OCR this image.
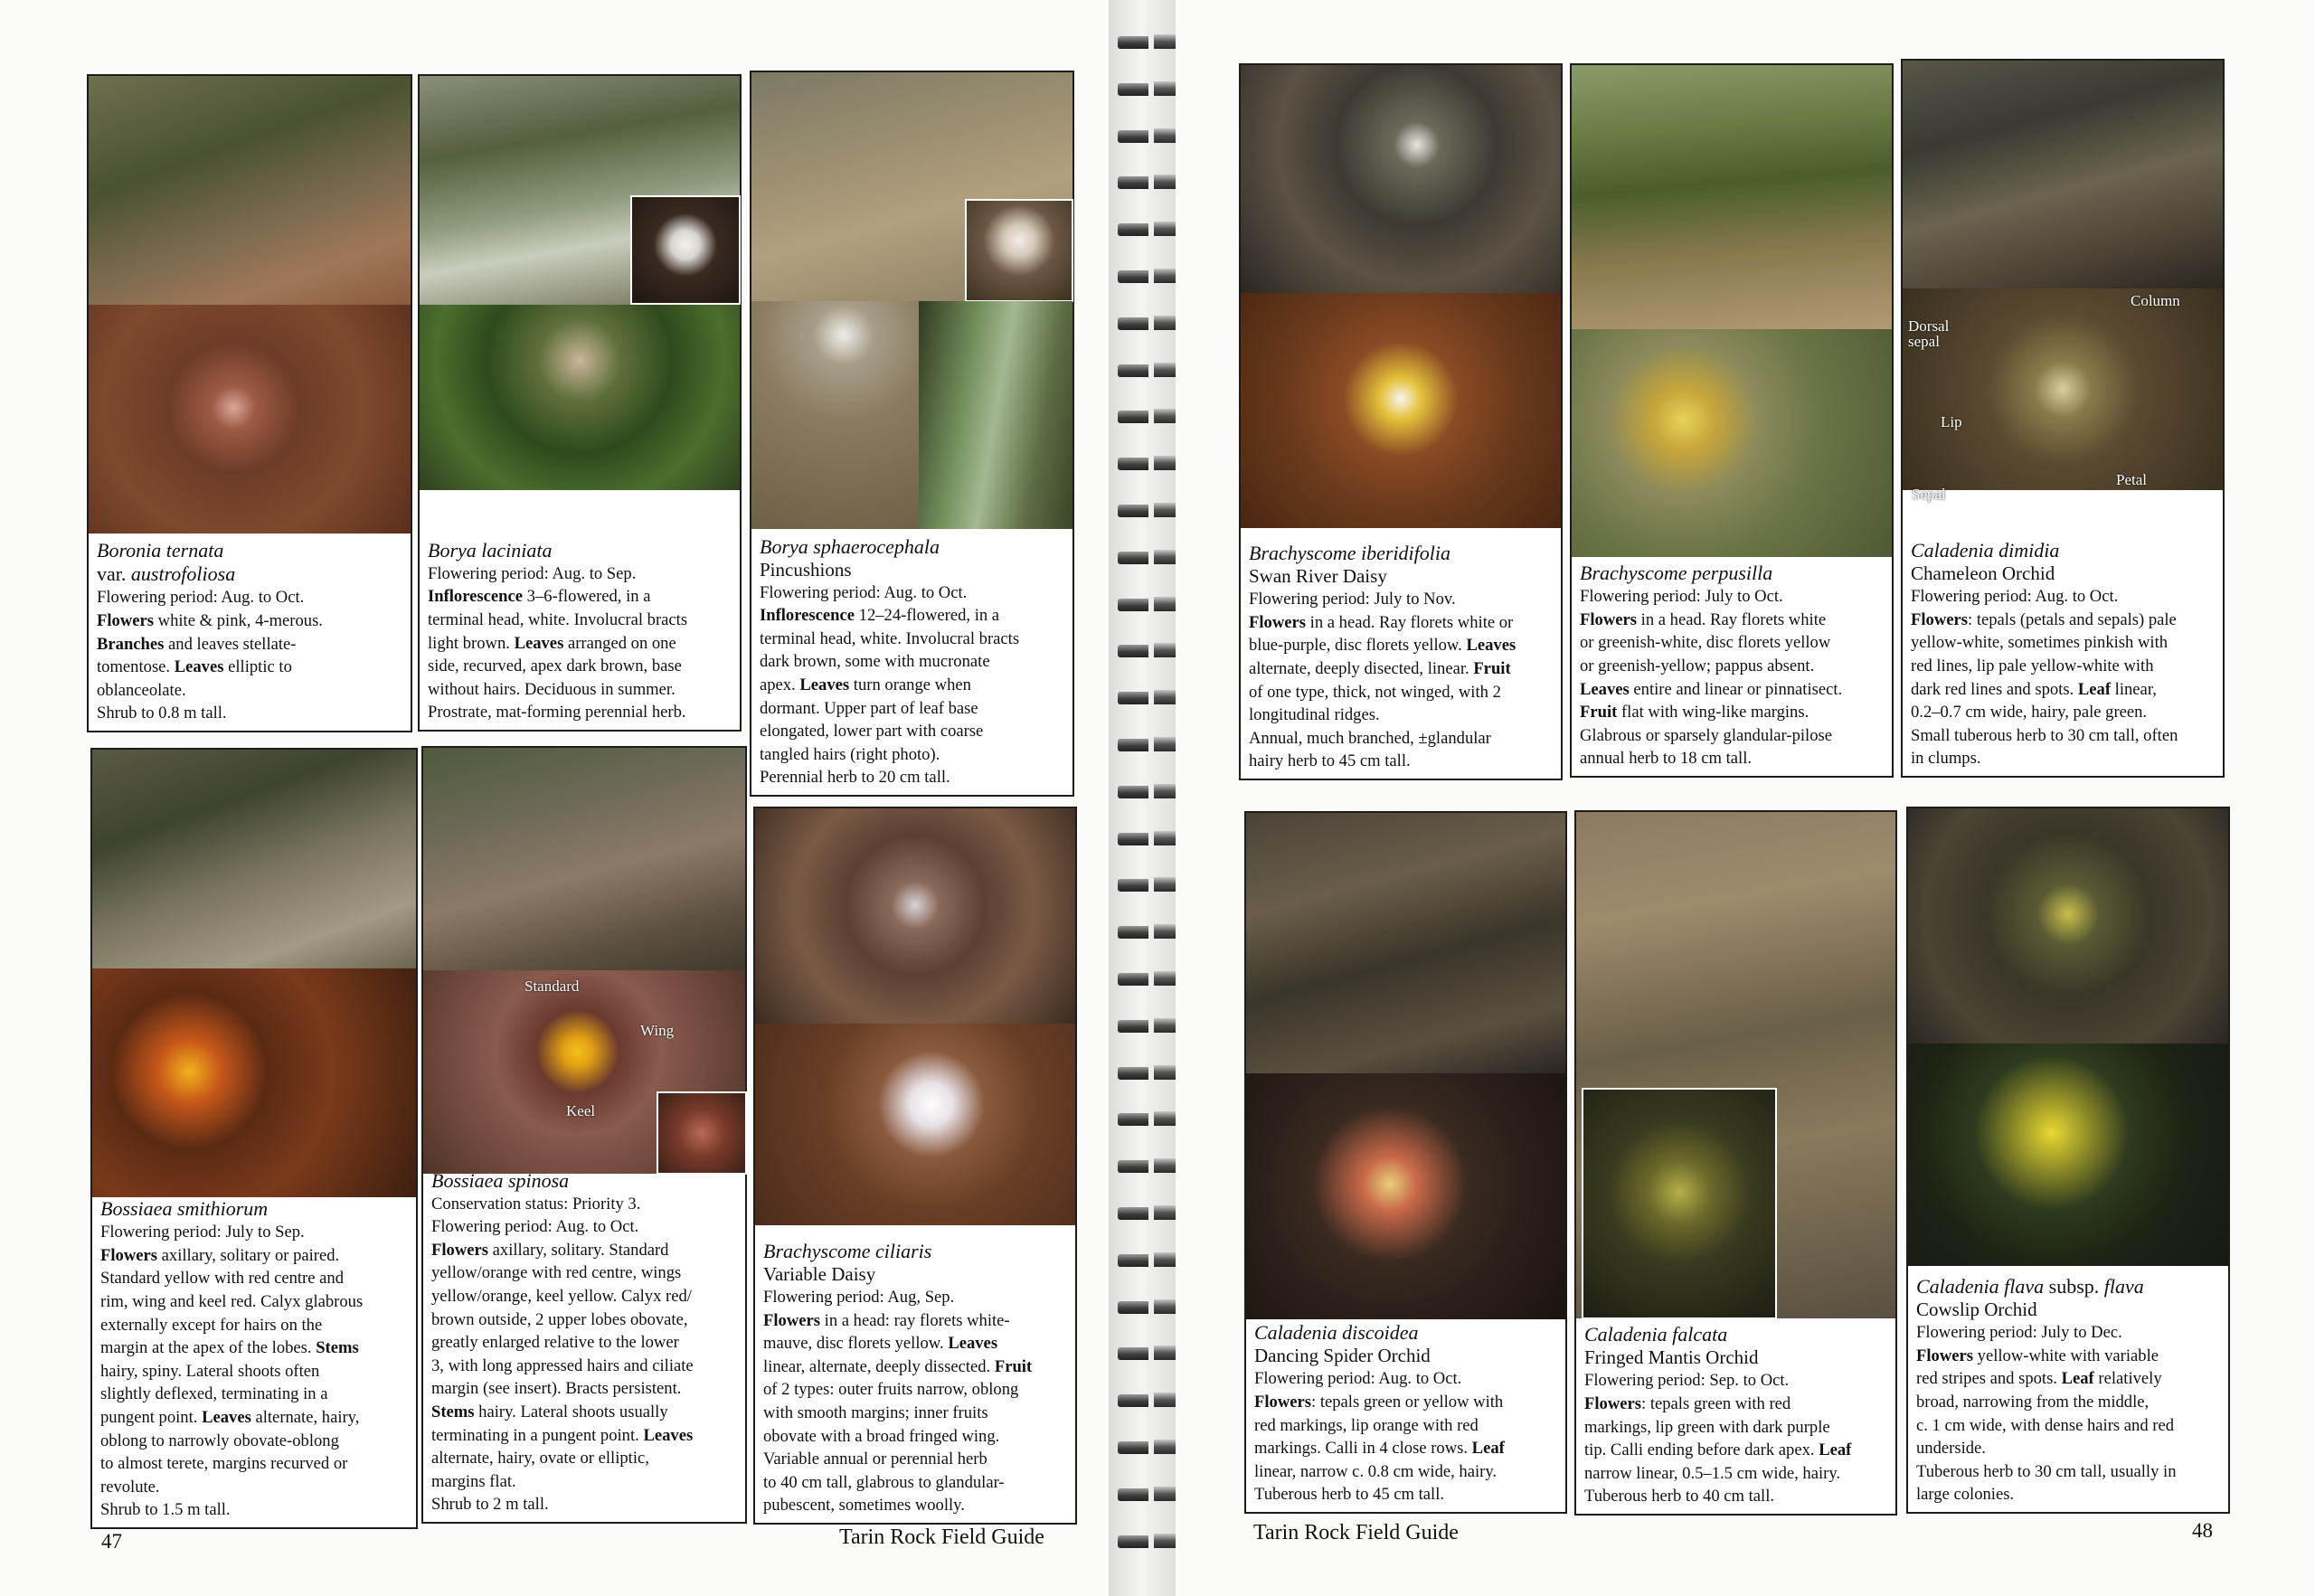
Boronia ternata

var. austrofoliosa

Flowering period: Aug. to Oct.

Flowers white & pink, 4-merous.

Branches and leaves stellate-

tomentose. Leaves elliptic to

oblanceolate.

Shrub to 0.8 m tall.

Borya laciniata

Flowering period: Aug. to Sep.

Inflorescence 3–6-flowered, in a

terminal head, white. Involucral bracts

light brown. Leaves arranged on one

side, recurved, apex dark brown, base

without hairs. Deciduous in summer.

Prostrate, mat-forming perennial herb.

Borya sphaerocephala

Pincushions

Flowering period: Aug. to Oct.

Inflorescence 12–24-flowered, in a

terminal head, white. Involucral bracts

dark brown, some with mucronate

apex. Leaves turn orange when

dormant. Upper part of leaf base

elongated, lower part with coarse

tangled hairs (right photo).

Perennial herb to 20 cm tall.

Bossiaea smithiorum

Flowering period: July to Sep.

Flowers axillary, solitary or paired.

Standard yellow with red centre and

rim, wing and keel red. Calyx glabrous

externally except for hairs on the

margin at the apex of the lobes. Stems

hairy, spiny. Lateral shoots often

slightly deflexed, terminating in a

pungent point. Leaves alternate, hairy,

oblong to narrowly obovate-oblong

to almost terete, margins recurved or

revolute.

Shrub to 1.5 m tall.

Standard
Wing
Keel

Bossiaea spinosa

Conservation status: Priority 3.

Flowering period: Aug. to Oct.

Flowers axillary, solitary. Standard

yellow/orange with red centre, wings

yellow/orange, keel yellow. Calyx red/

brown outside, 2 upper lobes obovate,

greatly enlarged relative to the lower

3, with long appressed hairs and ciliate

margin (see insert). Bracts persistent.

Stems hairy. Lateral shoots usually

terminating in a pungent point. Leaves

alternate, hairy, ovate or elliptic,

margins flat.

Shrub to 2 m tall.

Brachyscome ciliaris

Variable Daisy

Flowering period: Aug, Sep.

Flowers in a head: ray florets white-

mauve, disc florets yellow. Leaves

linear, alternate, deeply dissected. Fruit

of 2 types: outer fruits narrow, oblong

with smooth margins; inner fruits

obovate with a broad fringed wing.

Variable annual or perennial herb

to 40 cm tall, glabrous to glandular-

pubescent, sometimes woolly.

47	Tarin Rock Field Guide

Brachyscome iberidifolia

Swan River Daisy

Flowering period: July to Nov.

Flowers in a head. Ray florets white or

blue-purple, disc florets yellow. Leaves

alternate, deeply disected, linear. Fruit

of one type, thick, not winged, with 2

longitudinal ridges.

Annual, much branched, ±glandular

hairy herb to 45 cm tall.

Brachyscome perpusilla

Flowering period: July to Oct.

Flowers in a head. Ray florets white

or greenish-white, disc florets yellow

or greenish-yellow; pappus absent.

Leaves entire and linear or pinnatisect.

Fruit flat with wing-like margins.

Glabrous or sparsely glandular-pilose

annual herb to 18 cm tall.

Column
Dorsal sepal
Lip
Petal
Sepal

Caladenia dimidia

Chameleon Orchid

Flowering period: Aug. to Oct.

Flowers: tepals (petals and sepals) pale

yellow-white, sometimes pinkish with

red lines, lip pale yellow-white with

dark red lines and spots. Leaf linear,

0.2–0.7 cm wide, hairy, pale green.

Small tuberous herb to 30 cm tall, often

in clumps.

Caladenia discoidea

Dancing Spider Orchid

Flowering period: Aug. to Oct.

Flowers: tepals green or yellow with

red markings, lip orange with red

markings. Calli in 4 close rows. Leaf

linear, narrow c. 0.8 cm wide, hairy.

Tuberous herb to 45 cm tall.

Caladenia falcata

Fringed Mantis Orchid

Flowering period: Sep. to Oct.

Flowers: tepals green with red

markings, lip green with dark purple

tip. Calli ending before dark apex. Leaf

narrow linear, 0.5–1.5 cm wide, hairy.

Tuberous herb to 40 cm tall.

Caladenia flava subsp. flava

Cowslip Orchid

Flowering period: July to Dec.

Flowers yellow-white with variable

red stripes and spots. Leaf relatively

broad, narrowing from the middle,

c. 1 cm wide, with dense hairs and red

underside.

Tuberous herb to 30 cm tall, usually in

large colonies.

Tarin Rock Field Guide	48
